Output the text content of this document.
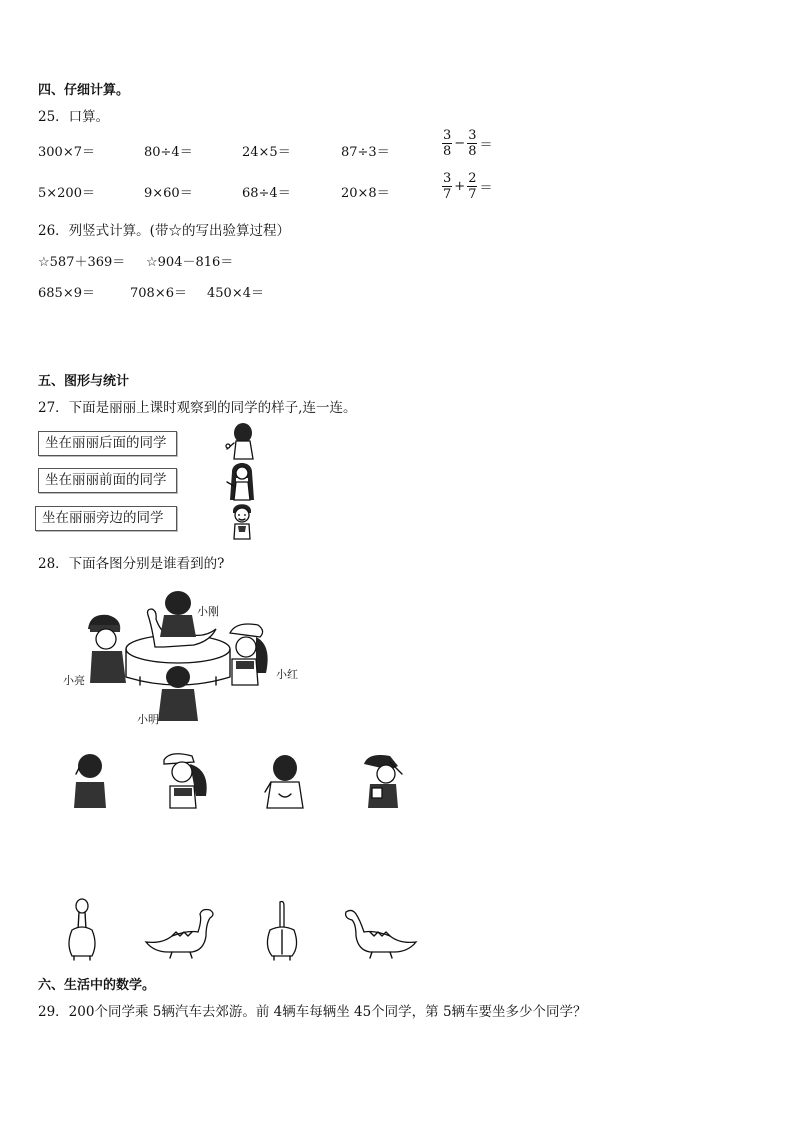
四、仔细计算。
25．口算。
300×7＝	80÷4＝	24×5＝	87÷3＝	$\frac{3}{8} - \frac{3}{8}$ ＝
5×200＝	9×60＝	68÷4＝	20×8＝	$\frac{3}{7} + \frac{2}{7}$ ＝
26．列竖式计算。(带☆的写出验算过程）
☆587＋369＝ ☆904－816＝
685×9＝	708×6＝ 450×4＝
五、图形与统计
27．下面是丽丽上课时观察到的同学的样子,连一连。
坐在丽丽后面的同学
坐在丽丽前面的同学
坐在丽丽旁边的同学
28．下面各图分别是谁看到的?
小刚
小亮	小红
小明
六、生活中的数学。
29．200个同学乘 5辆汽车去郊游。前 4辆车每辆坐 45个同学，第 5辆车要坐多少个同学？
